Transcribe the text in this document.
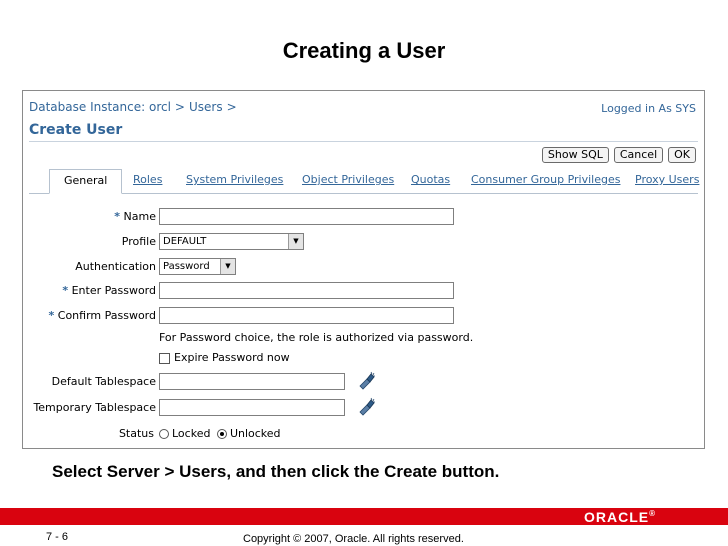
Creating a User
Database Instance: orcl > Users >	Logged in As SYS
Create User
Show SQL	Cancel	OK
General	Roles System Privileges Object Privileges Quotas Consumer Group Privileges Proxy Users
* Name
Profile DEFAULT	▼
Authentication Password	▼
* Enter Password
* Confirm Password
For Password choice, the role is authorized via password.
Expire Password now
Default Tablespace
Temporary Tablespace
Status	Locked Unlocked
Select Server > Users, and then click the Create button.
ORACLE®
7 - 6	Copyright © 2007, Oracle. All rights reserved.
